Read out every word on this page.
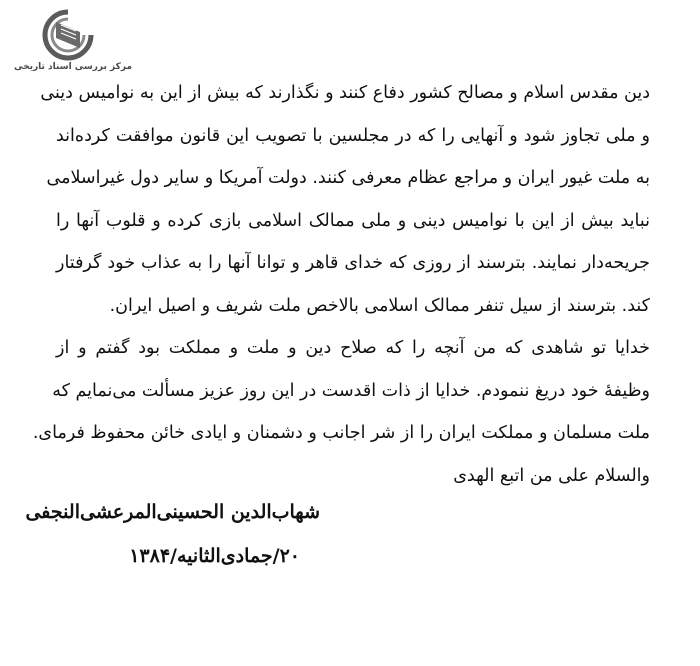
مرکز بررسی اسناد تاریخی
دین مقدس اسلام و مصالح کشور دفاع کنند و نگذارند که بیش از این به نوامیس دینی
و ملی تجاوز شود و آنهایی را که در مجلسین با تصویب این قانون موافقت کرده‌اند
به ملت غیور ایران و مراجع عظام معرفی کنند. دولت آمریکا و سایر دول غیراسلامی
نباید بیش از این با نوامیس دینی و ملی ممالک اسلامی بازی کرده و قلوب آنها را
جریحه‌دار نمایند. بترسند از روزی که خدای قاهر و توانا آنها را به عذاب خود گرفتار
کند. بترسند از سیل تنفر ممالک اسلامی بالاخص ملت شریف و اصیل ایران.
خدایا تو شاهدی که من آنچه را که صلاح دین و ملت و مملکت بود گفتم و از
وظیفهٔ خود دریغ ننمودم. خدایا از ذات اقدست در این روز عزیز مسألت می‌نمایم که
ملت مسلمان و مملکت ایران را از شر اجانب و دشمنان و ایادی خائن محفوظ فرمای.
والسلام علی من اتبع الهدی
شهاب‌الدین الحسینی‌المرعشی‌النجفی
۲۰/جمادی‌الثانیه/۱۳۸۴
